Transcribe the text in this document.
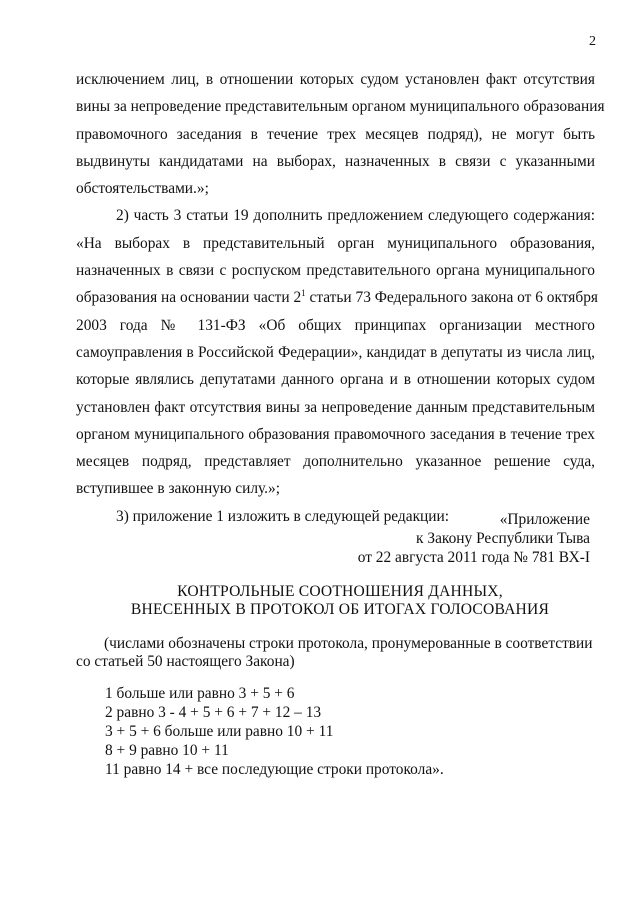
2
исключением лиц, в отношении которых судом установлен факт отсутствия
вины за непроведение представительным органом муниципального образования
правомочного заседания в течение трех месяцев подряд), не могут быть
выдвинуты кандидатами на выборах, назначенных в связи с указанными
обстоятельствами.»;
2) часть 3 статьи 19 дополнить предложением следующего содержания:
«На выборах в представительный орган муниципального образования,
назначенных в связи с роспуском представительного органа муниципального
образования на основании части $2^1$ статьи 73 Федерального закона от 6 октября
2003 года № 131-ФЗ «Об общих принципах организации местного
самоуправления в Российской Федерации», кандидат в депутаты из числа лиц,
которые являлись депутатами данного органа и в отношении которых судом
установлен факт отсутствия вины за непроведение данным представительным
органом муниципального образования правомочного заседания в течение трех
месяцев подряд, представляет дополнительно указанное решение суда,
вступившее в законную силу.»;
3) приложение 1 изложить в следующей редакции:	«Приложение
к Закону Республики Тыва
от 22 августа 2011 года № 781 ВХ-I
КОНТРОЛЬНЫЕ СООТНОШЕНИЯ ДАННЫХ,
ВНЕСЕННЫХ В ПРОТОКОЛ ОБ ИТОГАХ ГОЛОСОВАНИЯ
(числами обозначены строки протокола, пронумерованные в соответствии
со статьей 50 настоящего Закона)
1 больше или равно 3 + 5 + 6
2 равно 3 - 4 + 5 + 6 + 7 + 12 – 13
3 + 5 + 6 больше или равно 10 + 11
8 + 9 равно 10 + 11
11 равно 14 + все последующие строки протокола».
